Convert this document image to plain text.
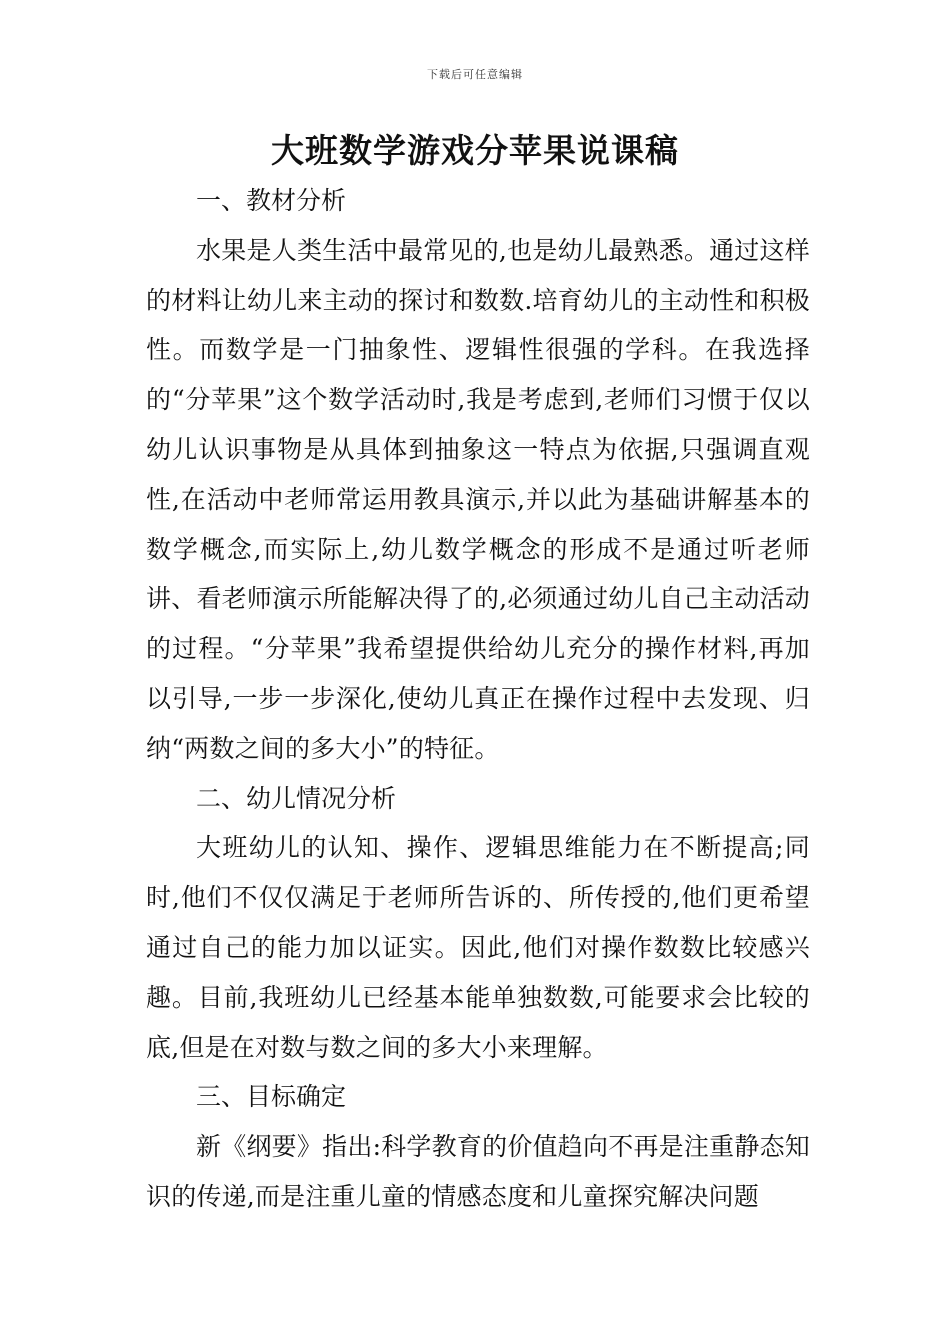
下载后可任意编辑
大班数学游戏分苹果说课稿

一、教材分析

水果是人类生活中最常见的,也是幼儿最熟悉。通过这样的材料让幼儿来主动的探讨和数数.培育幼儿的主动性和积极性。而数学是一门抽象性、逻辑性很强的学科。在我选择的“分苹果”这个数学活动时,我是考虑到,老师们习惯于仅以幼儿认识事物是从具体到抽象这一特点为依据,只强调直观性,在活动中老师常运用教具演示,并以此为基础讲解基本的数学概念,而实际上,幼儿数学概念的形成不是通过听老师讲、看老师演示所能解决得了的,必须通过幼儿自己主动活动的过程。“分苹果”我希望提供给幼儿充分的操作材料,再加以引导,一步一步深化,使幼儿真正在操作过程中去发现、归纳“两数之间的多大小”的特征。

二、幼儿情况分析

大班幼儿的认知、操作、逻辑思维能力在不断提高;同时,他们不仅仅满足于老师所告诉的、所传授的,他们更希望通过自己的能力加以证实。因此,他们对操作数数比较感兴趣。目前,我班幼儿已经基本能单独数数,可能要求会比较的底,但是在对数与数之间的多大小来理解。

三、目标确定

新《纲要》指出:科学教育的价值趋向不再是注重静态知识的传递,而是注重儿童的情感态度和儿童探究解决问题
